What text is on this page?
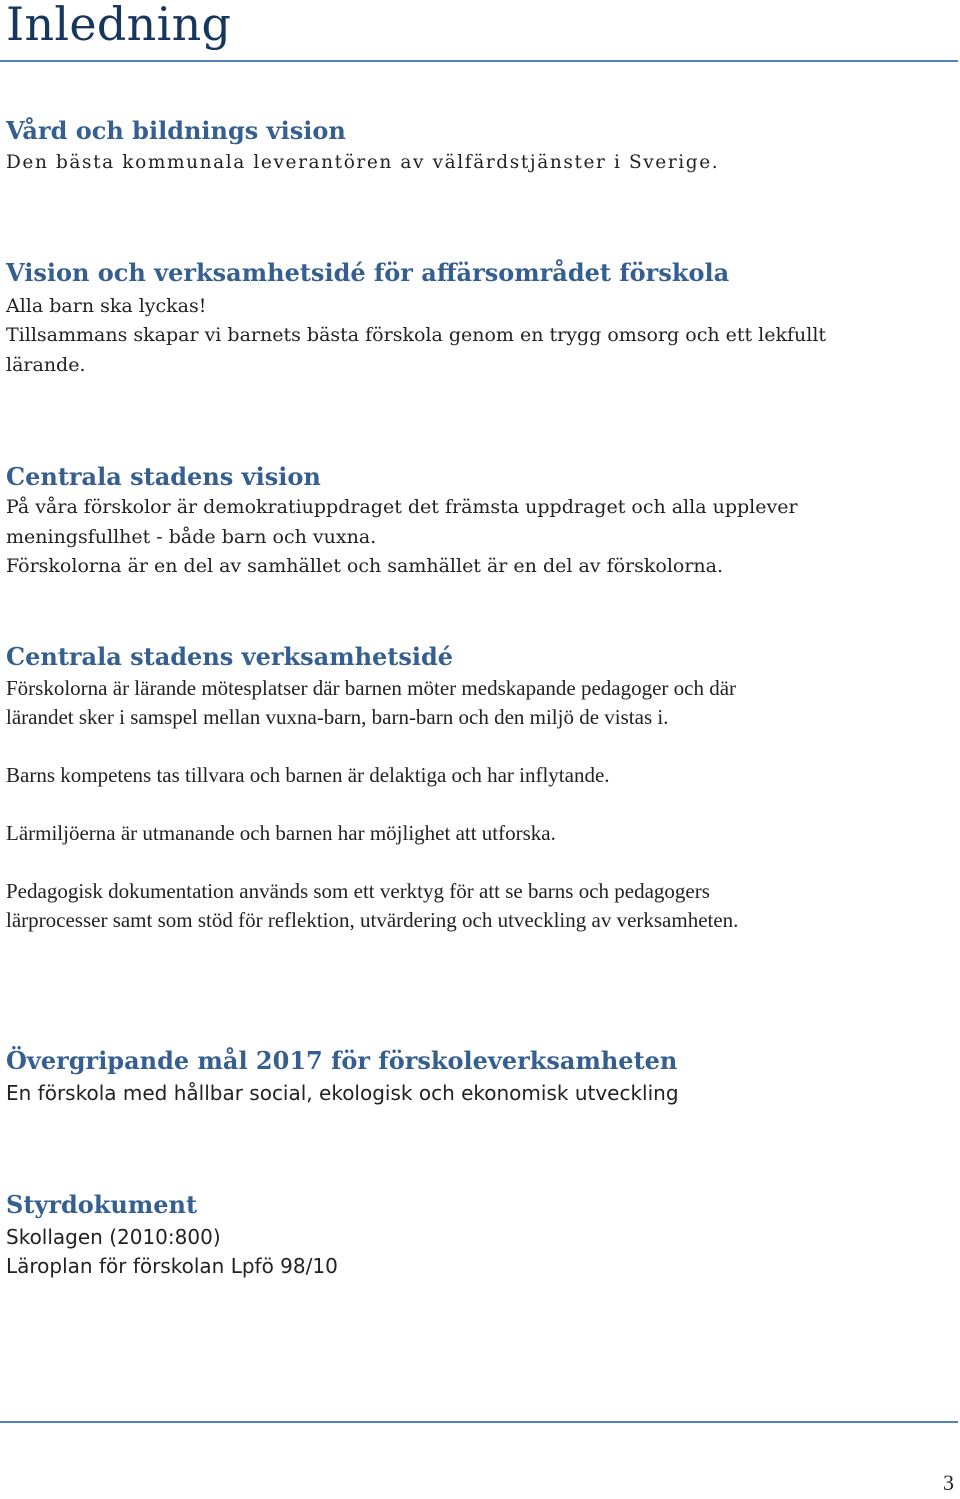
Inledning
Vård och bildnings vision

Den bästa kommunala leverantören av välfärdstjänster i Sverige.

Vision och verksamhetsidé för affärsområdet förskola

Alla barn ska lyckas!

Tillsammans skapar vi barnets bästa förskola genom en trygg omsorg och ett lekfullt

lärande.

Centrala stadens vision

På våra förskolor är demokratiuppdraget det främsta uppdraget och alla upplever

meningsfullhet - både barn och vuxna.

Förskolorna är en del av samhället och samhället är en del av förskolorna.

Centrala stadens verksamhetsidé

Förskolorna är lärande mötesplatser där barnen möter medskapande pedagoger och där

lärandet sker i samspel mellan vuxna-barn, barn-barn och den miljö de vistas i.

Barns kompetens tas tillvara och barnen är delaktiga och har inflytande.

Lärmiljöerna är utmanande och barnen har möjlighet att utforska.

Pedagogisk dokumentation används som ett verktyg för att se barns och pedagogers

lärprocesser samt som stöd för reflektion, utvärdering och utveckling av verksamheten.

Övergripande mål 2017 för förskoleverksamheten

En förskola med hållbar social, ekologisk och ekonomisk utveckling

Styrdokument

Skollagen (2010:800)

Läroplan för förskolan Lpfö 98/10

3
